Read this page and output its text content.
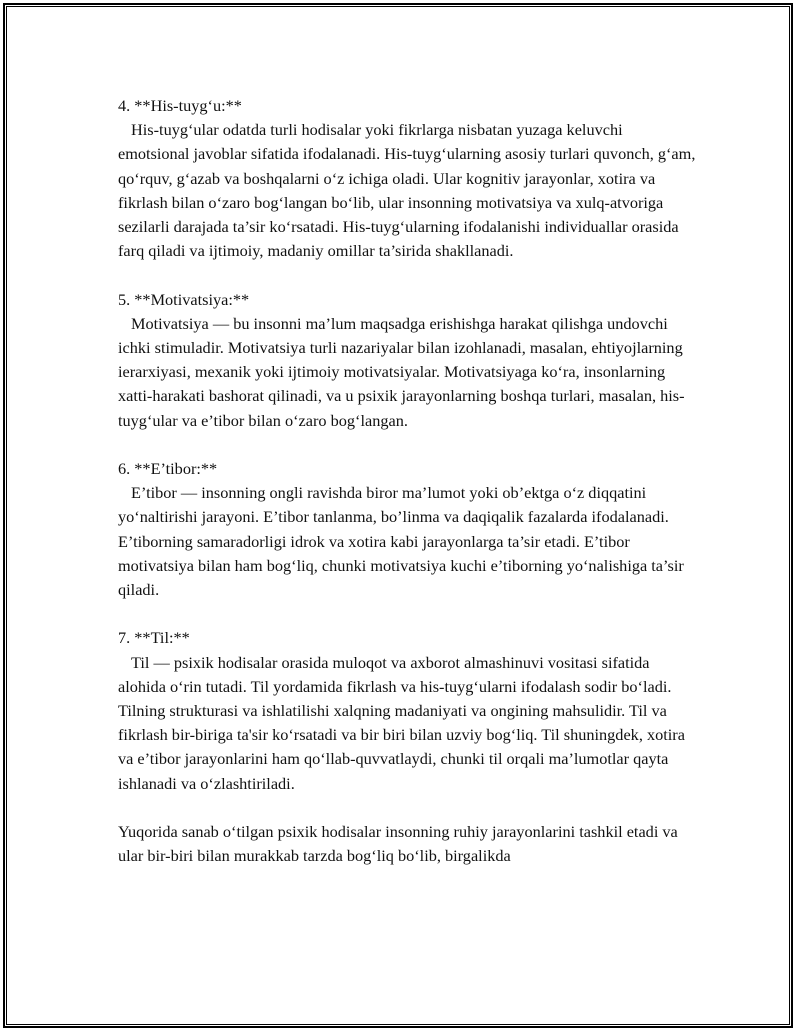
4. **His-tuyg‘u:**
His-tuyg‘ular odatda turli hodisalar yoki fikrlarga nisbatan yuzaga keluvchi emotsional javoblar sifatida ifodalanadi. His-tuyg‘ularning asosiy turlari quvonch, g‘am, qo‘rquv, g‘azab va boshqalarni o‘z ichiga oladi. Ular kognitiv jarayonlar, xotira va fikrlash bilan o‘zaro bog‘langan bo‘lib, ular insonning motivatsiya va xulq-atvoriga sezilarli darajada ta’sir ko‘rsatadi. His-tuyg‘ularning ifodalanishi individuallar orasida farq qiladi va ijtimoiy, madaniy omillar ta’sirida shakllanadi.
5. **Motivatsiya:**
Motivatsiya — bu insonni ma’lum maqsadga erishishga harakat qilishga undovchi ichki stimuladir. Motivatsiya turli nazariyalar bilan izohlanadi, masalan, ehtiyojlarning ierarxiyasi, mexanik yoki ijtimoiy motivatsiyalar. Motivatsiyaga ko‘ra, insonlarning xatti-harakati bashorat qilinadi, va u psixik jarayonlarning boshqa turlari, masalan, his-tuyg‘ular va e’tibor bilan o‘zaro bog‘langan.
6. **E’tibor:**
E’tibor — insonning ongli ravishda biror ma’lumot yoki ob’ektga o‘z diqqatini yo‘naltirishi jarayoni. E’tibor tanlanma, bo’linma va daqiqalik fazalarda ifodalanadi. E’tiborning samaradorligi idrok va xotira kabi jarayonlarga ta’sir etadi. E’tibor motivatsiya bilan ham bog‘liq, chunki motivatsiya kuchi e’tiborning yo‘nalishiga ta’sir qiladi.
7. **Til:**
Til — psixik hodisalar orasida muloqot va axborot almashinuvi vositasi sifatida alohida o‘rin tutadi. Til yordamida fikrlash va his-tuyg‘ularni ifodalash sodir bo‘ladi. Tilning strukturasi va ishlatilishi xalqning madaniyati va ongining mahsulidir. Til va fikrlash bir-biriga ta'sir ko‘rsatadi va bir biri bilan uzviy bog‘liq. Til shuningdek, xotira va e’tibor jarayonlarini ham qo‘llab-quvvatlaydi, chunki til orqali ma’lumotlar qayta ishlanadi va o‘zlashtiriladi.

Yuqorida sanab o‘tilgan psixik hodisalar insonning ruhiy jarayonlarini tashkil etadi va ular bir-biri bilan murakkab tarzda bog‘liq bo‘lib, birgalikda
